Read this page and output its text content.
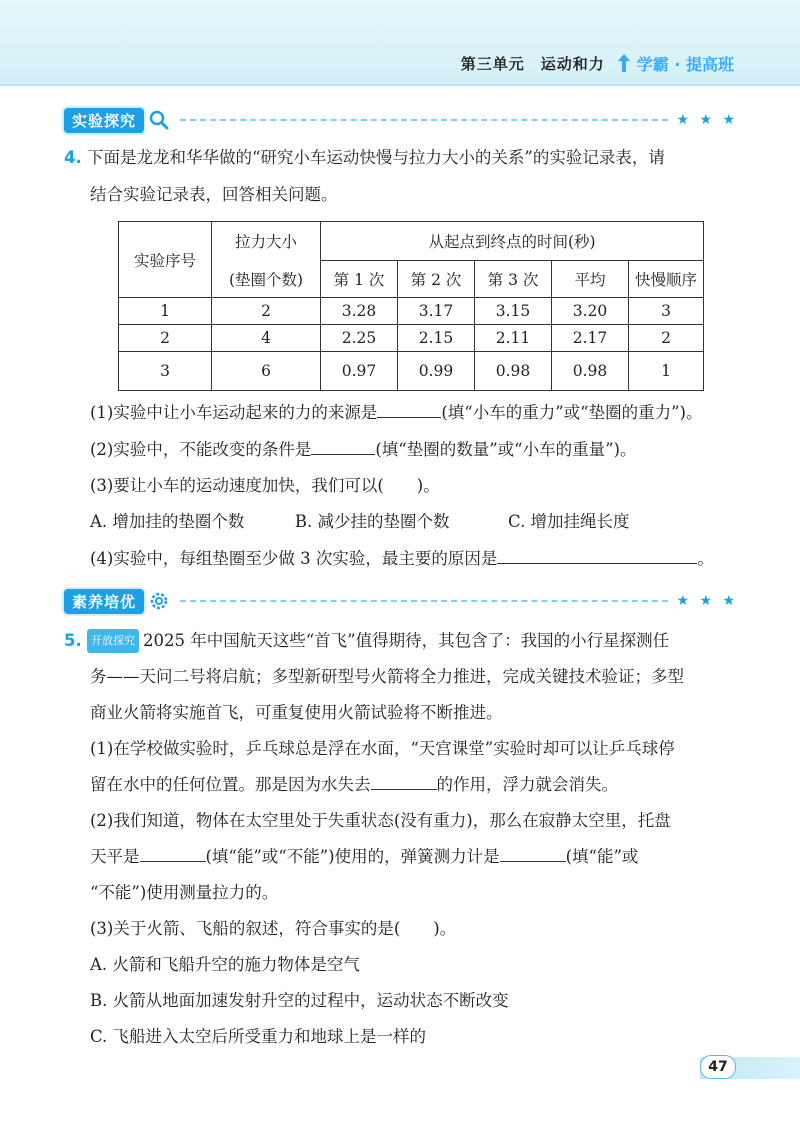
第三单元　运动和力 学霸 · 提高班
实验探究	★ ★ ★
4. 下面是龙龙和华华做的“研究小车运动快慢与拉力大小的关系”的实验记录表，请
结合实验记录表，回答相关问题。
实验序号	拉力大小	从起点到终点的时间(秒)				
	(垫圈个数)	第 1 次	第 2 次	第 3 次	平均	快慢顺序
1	2	3.28	3.17	3.15	3.20	3
2	4	2.25	2.15	2.11	2.17	2
3	6	0.97	0.99	0.98	0.98	1
(1)实验中让小车运动起来的力的来源是	(填“小车的重力”或“垫圈的重力”)。
(2)实验中，不能改变的条件是	(填“垫圈的数量”或“小车的重量”)。
(3)要让小车的运动速度加快，我们可以(　　)。
A. 增加挂的垫圈个数	B. 减少挂的垫圈个数	C. 增加挂绳长度
(4)实验中，每组垫圈至少做 3 次实验，最主要的原因是	。
素养培优	★ ★ ★
5. 开放探究 2025 年中国航天这些“首飞”值得期待，其包含了：我国的小行星探测任
务——天问二号将启航；多型新研型号火箭将全力推进，完成关键技术验证；多型
商业火箭将实施首飞，可重复使用火箭试验将不断推进。
(1)在学校做实验时，乒乓球总是浮在水面，“天宫课堂”实验时却可以让乒乓球停
留在水中的任何位置。那是因为水失去	的作用，浮力就会消失。
(2)我们知道，物体在太空里处于失重状态(没有重力)，那么在寂静太空里，托盘
天平是	(填“能”或“不能”)使用的，弹簧测力计是	(填“能”或
“不能”)使用测量拉力的。
(3)关于火箭、飞船的叙述，符合事实的是(　　)。
A. 火箭和飞船升空的施力物体是空气
B. 火箭从地面加速发射升空的过程中，运动状态不断改变
C. 飞船进入太空后所受重力和地球上是一样的
47
